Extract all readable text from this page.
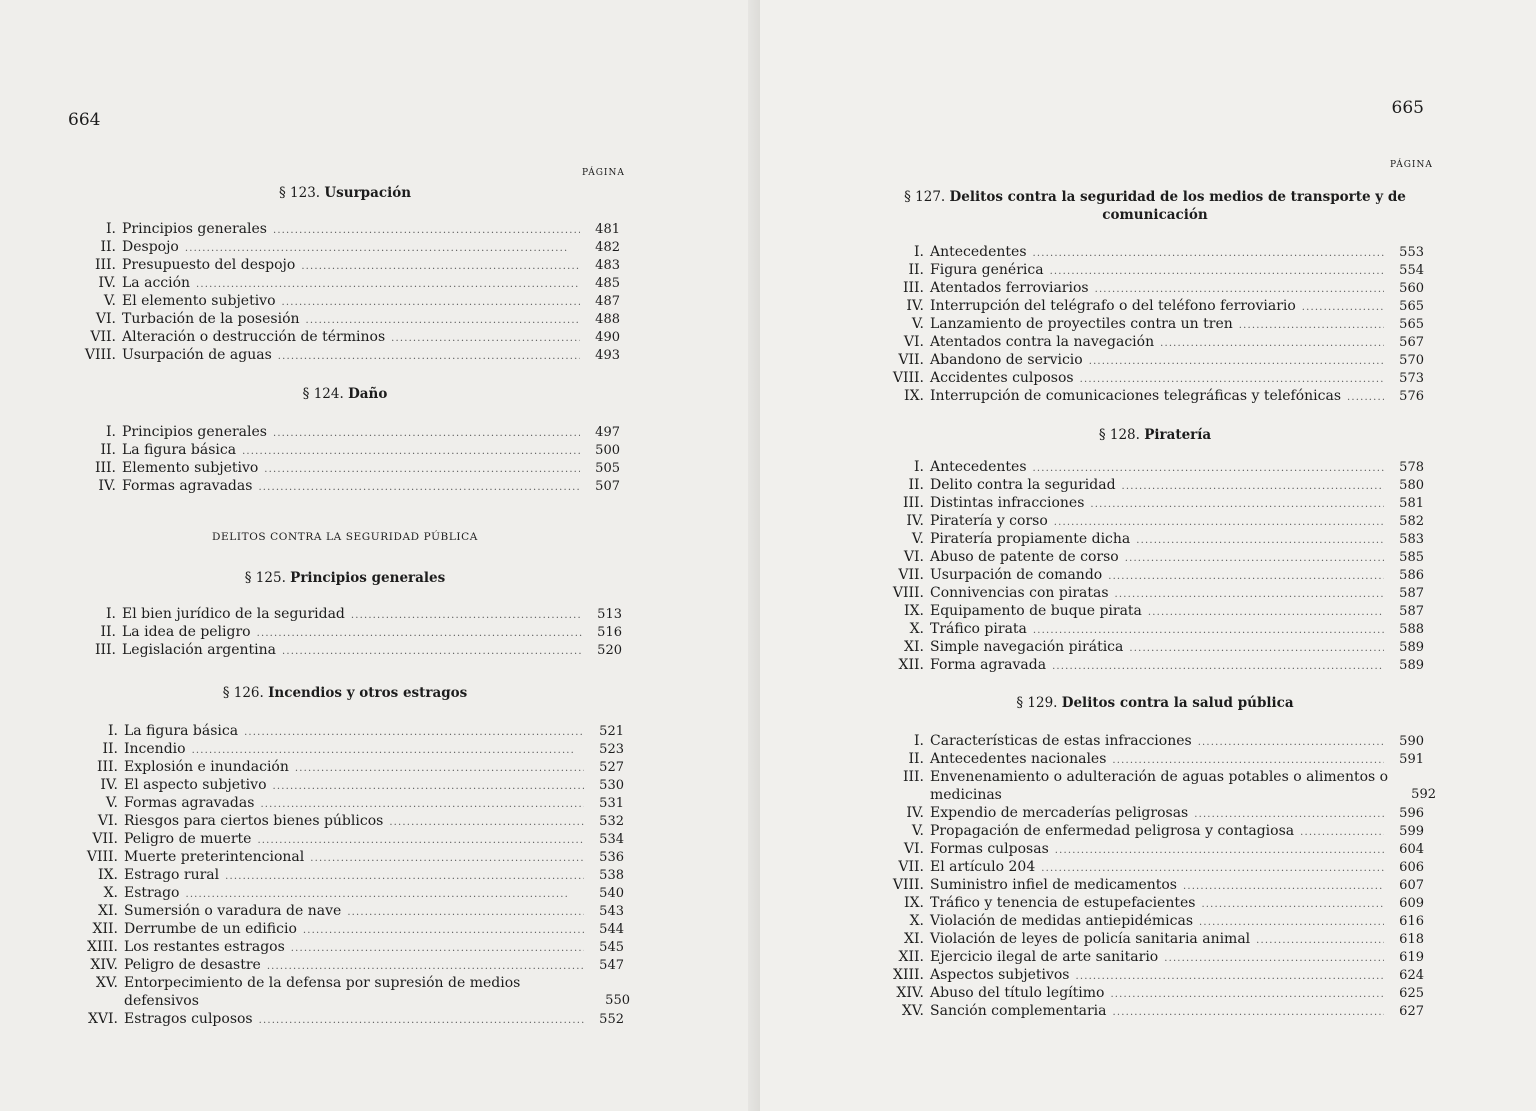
664
PÁGINA
§ 123. Usurpación
I. Principios generales . . .	481
II. Despojo . . .	482
III. Presupuesto del despojo . . .	483
IV. La acción . . .	485
V. El elemento subjetivo . . .	487
VI. Turbación de la posesión . . .	488
VII. Alteración o destrucción de términos . . .	490
VIII. Usurpación de aguas . . .	493
§ 124. Daño
I. Principios generales . . .	497
II. La figura básica . . .	500
III. Elemento subjetivo . . .	505
IV. Formas agravadas . . .	507
DELITOS CONTRA LA SEGURIDAD PÚBLICA
§ 125. Principios generales
I. El bien jurídico de la seguridad . . .	513
II. La idea de peligro . . .	516
III. Legislación argentina . . .	520
§ 126. Incendios y otros estragos
I. La figura básica . . .	521
II. Incendio . . .	523
III. Explosión e inundación . . .	527
IV. El aspecto subjetivo . . .	530
V. Formas agravadas . . .	531
VI. Riesgos para ciertos bienes públicos . . .	532
VII. Peligro de muerte . . .	534
VIII. Muerte preterintencional . . .	536
IX. Estrago rural . . .	538
X. Estrago . . .	540
XI. Sumersión o varadura de nave . . .	543
XII. Derrumbe de un edificio . . .	544
XIII. Los restantes estragos . . .	545
XIV. Peligro de desastre . . .	547
XV. Entorpecimiento de la defensa por supresión de medios defensivos	550
XVI. Estragos culposos . . .	552
665
PÁGINA
§ 127. Delitos contra la seguridad de los medios de transporte y de comunicación
I. Antecedentes . . .	553
II. Figura genérica . . .	554
III. Atentados ferroviarios . . .	560
IV. Interrupción del telégrafo o del teléfono ferroviario . . .	565
V. Lanzamiento de proyectiles contra un tren . . .	565
VI. Atentados contra la navegación . . .	567
VII. Abandono de servicio . . .	570
VIII. Accidentes culposos . . .	573
IX. Interrupción de comunicaciones telegráficas y telefónicas . . .	576
§ 128. Piratería
I. Antecedentes . . .	578
II. Delito contra la seguridad . . .	580
III. Distintas infracciones . . .	581
IV. Piratería y corso . . .	582
V. Piratería propiamente dicha . . .	583
VI. Abuso de patente de corso . . .	585
VII. Usurpación de comando . . .	586
VIII. Connivencias con piratas . . .	587
IX. Equipamento de buque pirata . . .	587
X. Tráfico pirata . . .	588
XI. Simple navegación pirática . . .	589
XII. Forma agravada . . .	589
§ 129. Delitos contra la salud pública
I. Características de estas infracciones . . .	590
II. Antecedentes nacionales . . .	591
III. Envenenamiento o adulteración de aguas potables o alimentos o medicinas	592
IV. Expendio de mercaderías peligrosas . . .	596
V. Propagación de enfermedad peligrosa y contagiosa . . .	599
VI. Formas culposas . . .	604
VII. El artículo 204 . . .	606
VIII. Suministro infiel de medicamentos . . .	607
IX. Tráfico y tenencia de estupefacientes . . .	609
X. Violación de medidas antiepidémicas . . .	616
XI. Violación de leyes de policía sanitaria animal . . .	618
XII. Ejercicio ilegal de arte sanitario . . .	619
XIII. Aspectos subjetivos . . .	624
XIV. Abuso del título legítimo . . .	625
XV. Sanción complementaria . . .	627
